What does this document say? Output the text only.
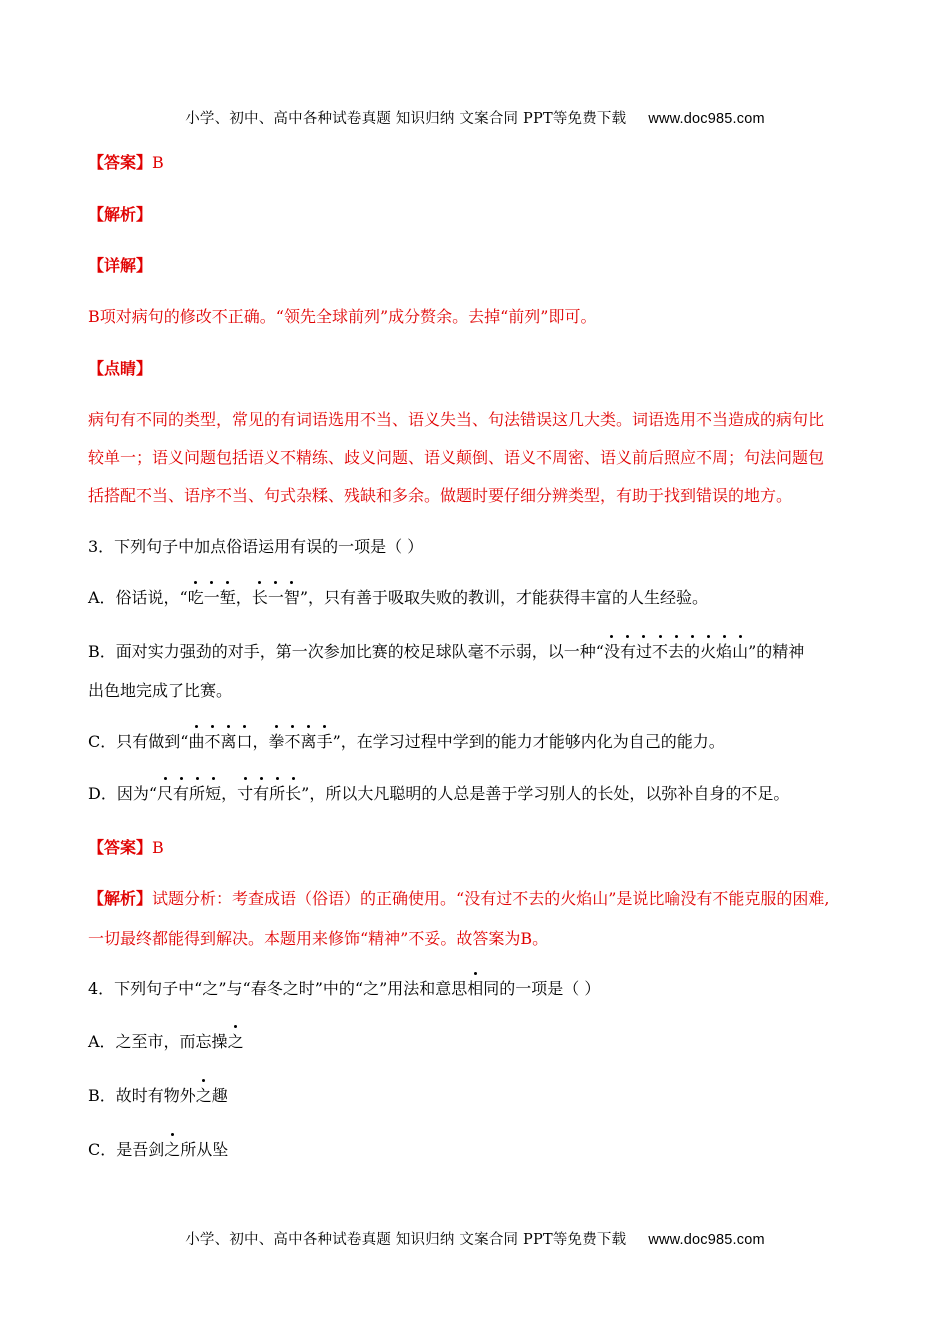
小学、初中、高中各种试卷真题 知识归纳 文案合同 PPT等免费下载 www.doc985.com
【答案】B
【解析】
【详解】
B项对病句的修改不正确。“领先全球前列”成分赘余。去掉“前列”即可。
【点睛】
病句有不同的类型，常见的有词语选用不当、语义失当、句法错误这几大类。词语选用不当造成的病句比
较单一；语义问题包括语义不精练、歧义问题、语义颠倒、语义不周密、语义前后照应不周；句法问题包
括搭配不当、语序不当、句式杂糅、残缺和多余。做题时要仔细分辨类型，有助于找到错误的地方。
3．下列句子中加点俗语运用有误的一项是（ ）
A．俗话说，“吃一堑，长一智”，只有善于吸取失败的教训，才能获得丰富的人生经验。
B．面对实力强劲的对手，第一次参加比赛的校足球队毫不示弱，以一种“没有过不去的火焰山”的精神
出色地完成了比赛。
C．只有做到“曲不离口，拳不离手”，在学习过程中学到的能力才能够内化为自己的能力。
D．因为“尺有所短，寸有所长”，所以大凡聪明的人总是善于学习别人的长处，以弥补自身的不足。
【答案】B
【解析】试题分析：考查成语（俗语）的正确使用。“没有过不去的火焰山”是说比喻没有不能克服的困难,
一切最终都能得到解决。本题用来修饰“精神”不妥。故答案为B。
4．下列句子中“之”与“春冬之时”中的“之”用法和意思相同的一项是（ ）
A．之至市，而忘操之
B．故时有物外之趣
C．是吾剑之所从坠
小学、初中、高中各种试卷真题 知识归纳 文案合同 PPT等免费下载 www.doc985.com
